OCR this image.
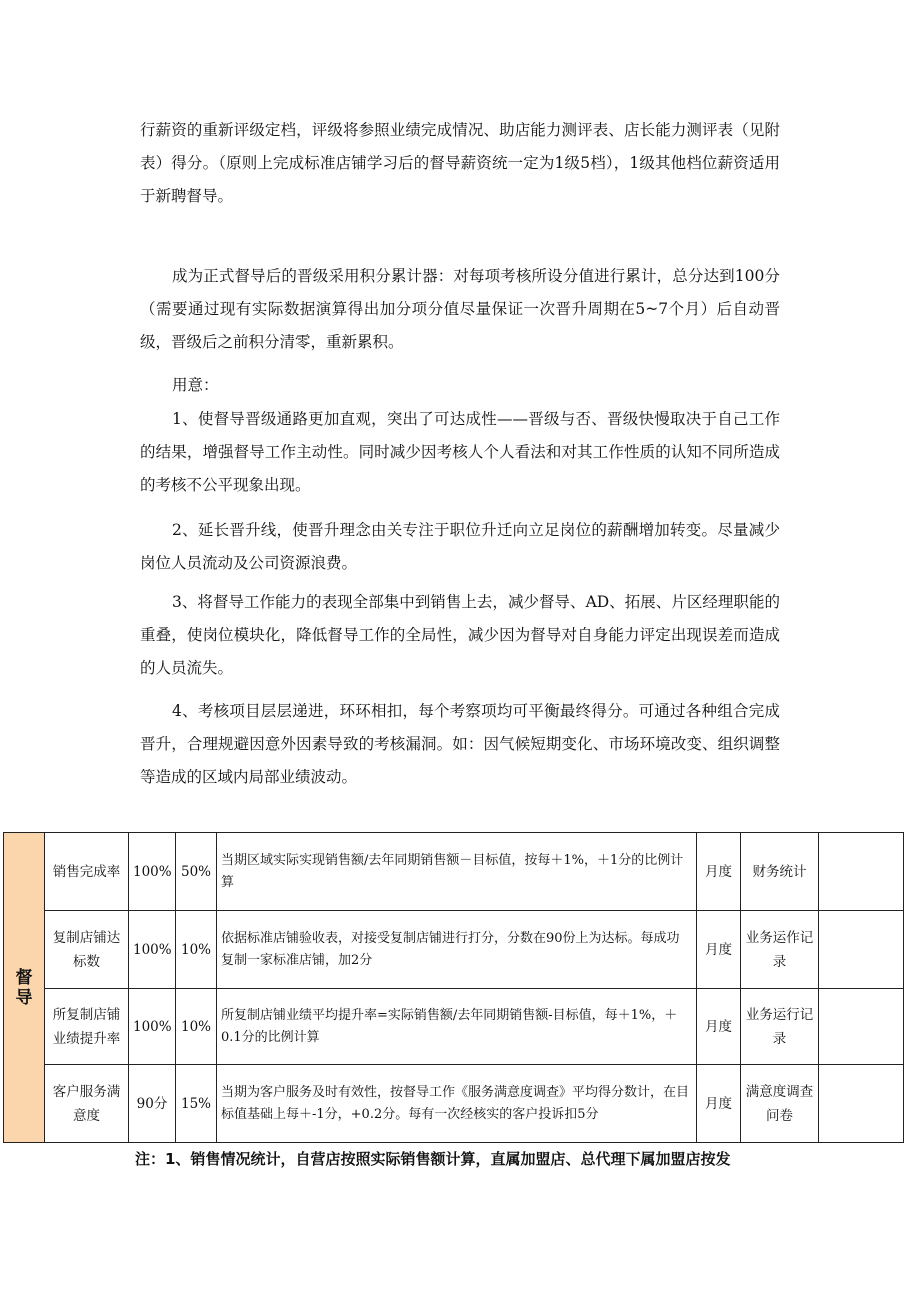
行薪资的重新评级定档，评级将参照业绩完成情况、助店能力测评表、店长能力测评表（见附表）得分。（原则上完成标准店铺学习后的督导薪资统一定为1级5档），1级其他档位薪资适用于新聘督导。

成为正式督导后的晋级采用积分累计器：对每项考核所设分值进行累计，总分达到100分（需要通过现有实际数据演算得出加分项分值尽量保证一次晋升周期在5~7个月）后自动晋级，晋级后之前积分清零，重新累积。

用意：

1、使督导晋级通路更加直观，突出了可达成性——晋级与否、晋级快慢取决于自己工作的结果，增强督导工作主动性。同时减少因考核人个人看法和对其工作性质的认知不同所造成的考核不公平现象出现。

2、延长晋升线，使晋升理念由关专注于职位升迁向立足岗位的薪酬增加转变。尽量减少岗位人员流动及公司资源浪费。

3、将督导工作能力的表现全部集中到销售上去，减少督导、AD、拓展、片区经理职能的重叠，使岗位模块化，降低督导工作的全局性，减少因为督导对自身能力评定出现误差而造成的人员流失。

4、考核项目层层递进，环环相扣，每个考察项均可平衡最终得分。可通过各种组合完成晋升，合理规避因意外因素导致的考核漏洞。如：因气候短期变化、市场环境改变、组织调整等造成的区域内局部业绩波动。

督导	销售完成率	100%	50%	当期区域实际实现销售额/去年同期销售额－目标值，按每＋1%，＋1分的比例计算	月度	财务统计	
	复制店铺达标数	100%	10%	依据标准店铺验收表，对接受复制店铺进行打分，分数在90份上为达标。每成功复制一家标准店铺，加2分	月度	业务运作记录	
	所复制店铺业绩提升率	100%	10%	所复制店铺业绩平均提升率=实际销售额/去年同期销售额-目标值，每＋1%，＋0.1分的比例计算	月度	业务运行记录	
	客户服务满意度	90分	15%	当期为客户服务及时有效性，按督导工作《服务满意度调查》平均得分数计，在目标值基础上每＋-1分，+0.2分。每有一次经核实的客户投诉扣5分	月度	满意度调查问卷	
注：1、销售情况统计，自营店按照实际销售额计算，直属加盟店、总代理下属加盟店按发
